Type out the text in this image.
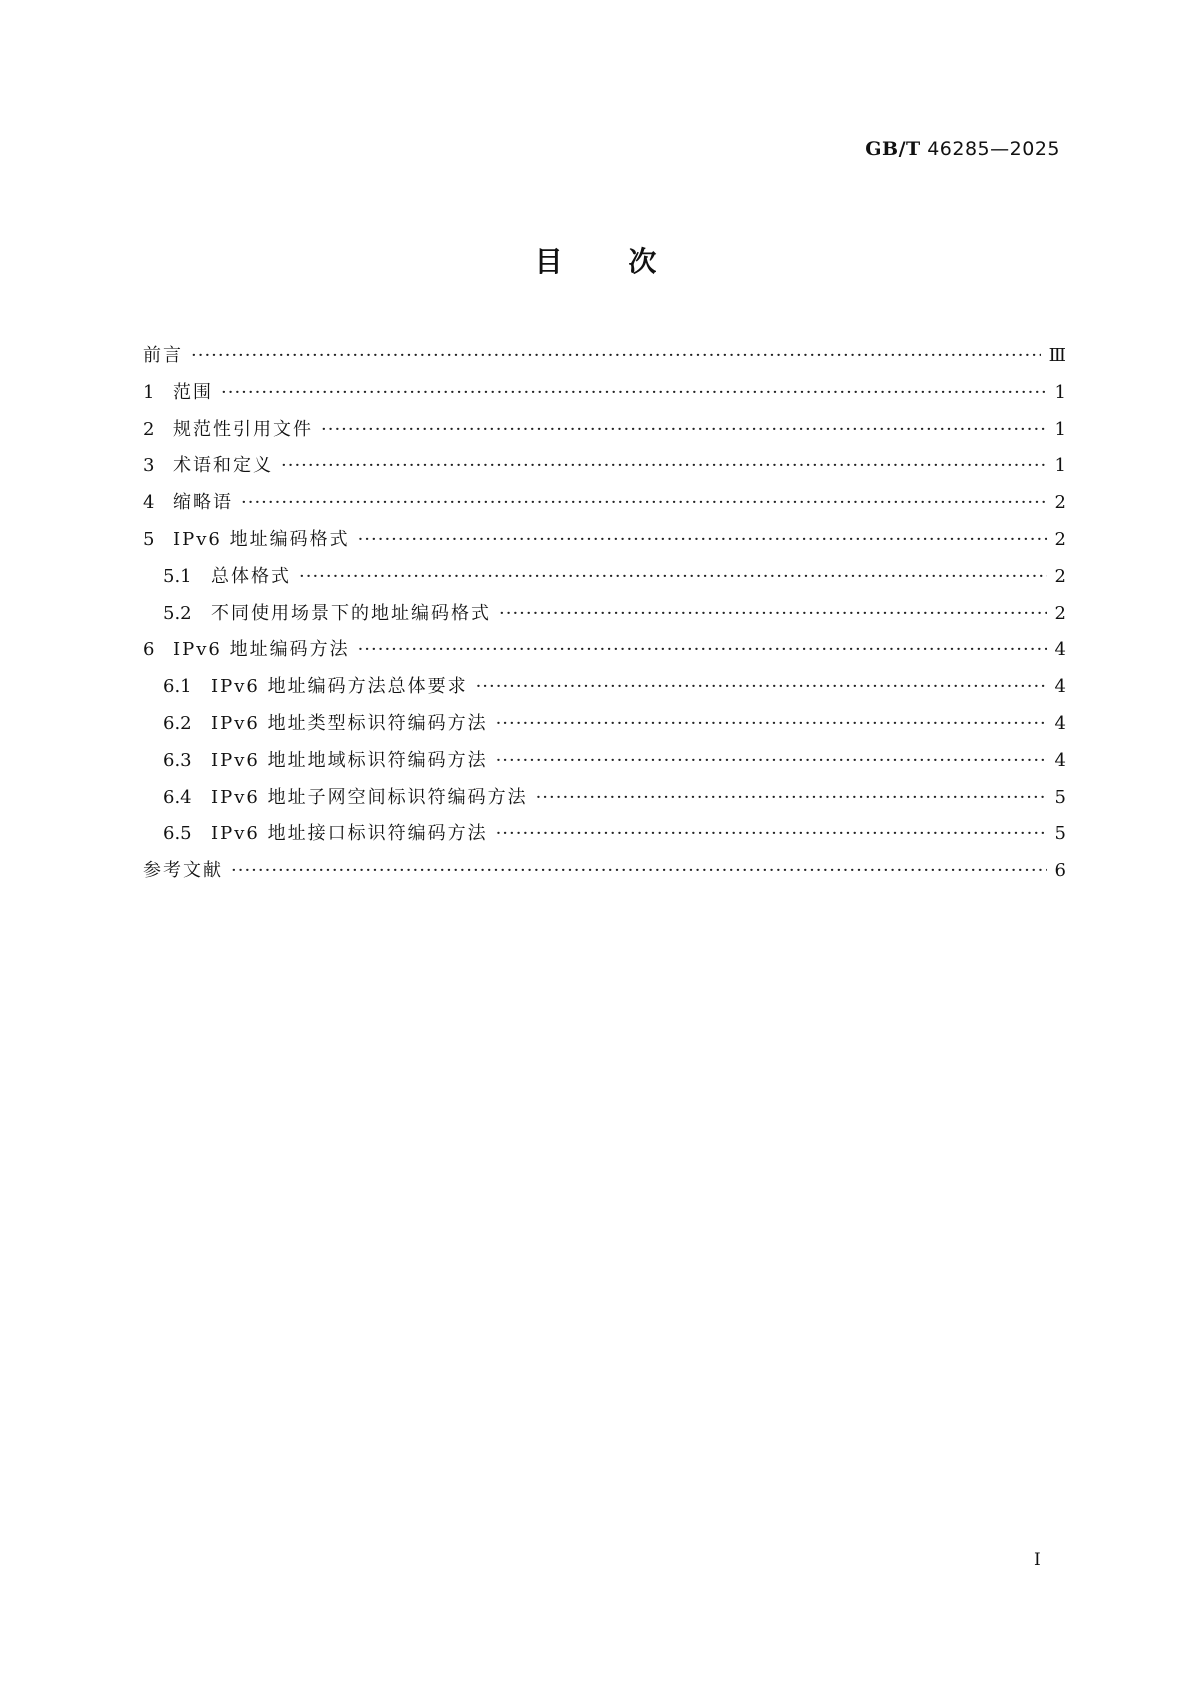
GB/T 46285—2025
目 次
前言 ·····	Ⅲ
1	范围 ·····	1
2	规范性引用文件 ·····	1
3	术语和定义 ·····	1
4	缩略语 ·····	2
5	IPv6 地址编码格式 ·····	2
5.1	总体格式 ·····	2
5.2	不同使用场景下的地址编码格式 ·····	2
6	IPv6 地址编码方法 ·····	4
6.1	IPv6 地址编码方法总体要求 ·····	4
6.2	IPv6 地址类型标识符编码方法 ·····	4
6.3	IPv6 地址地域标识符编码方法 ·····	4
6.4	IPv6 地址子网空间标识符编码方法 ·····	5
6.5	IPv6 地址接口标识符编码方法 ·····	5
参考文献 ·····	6
I
